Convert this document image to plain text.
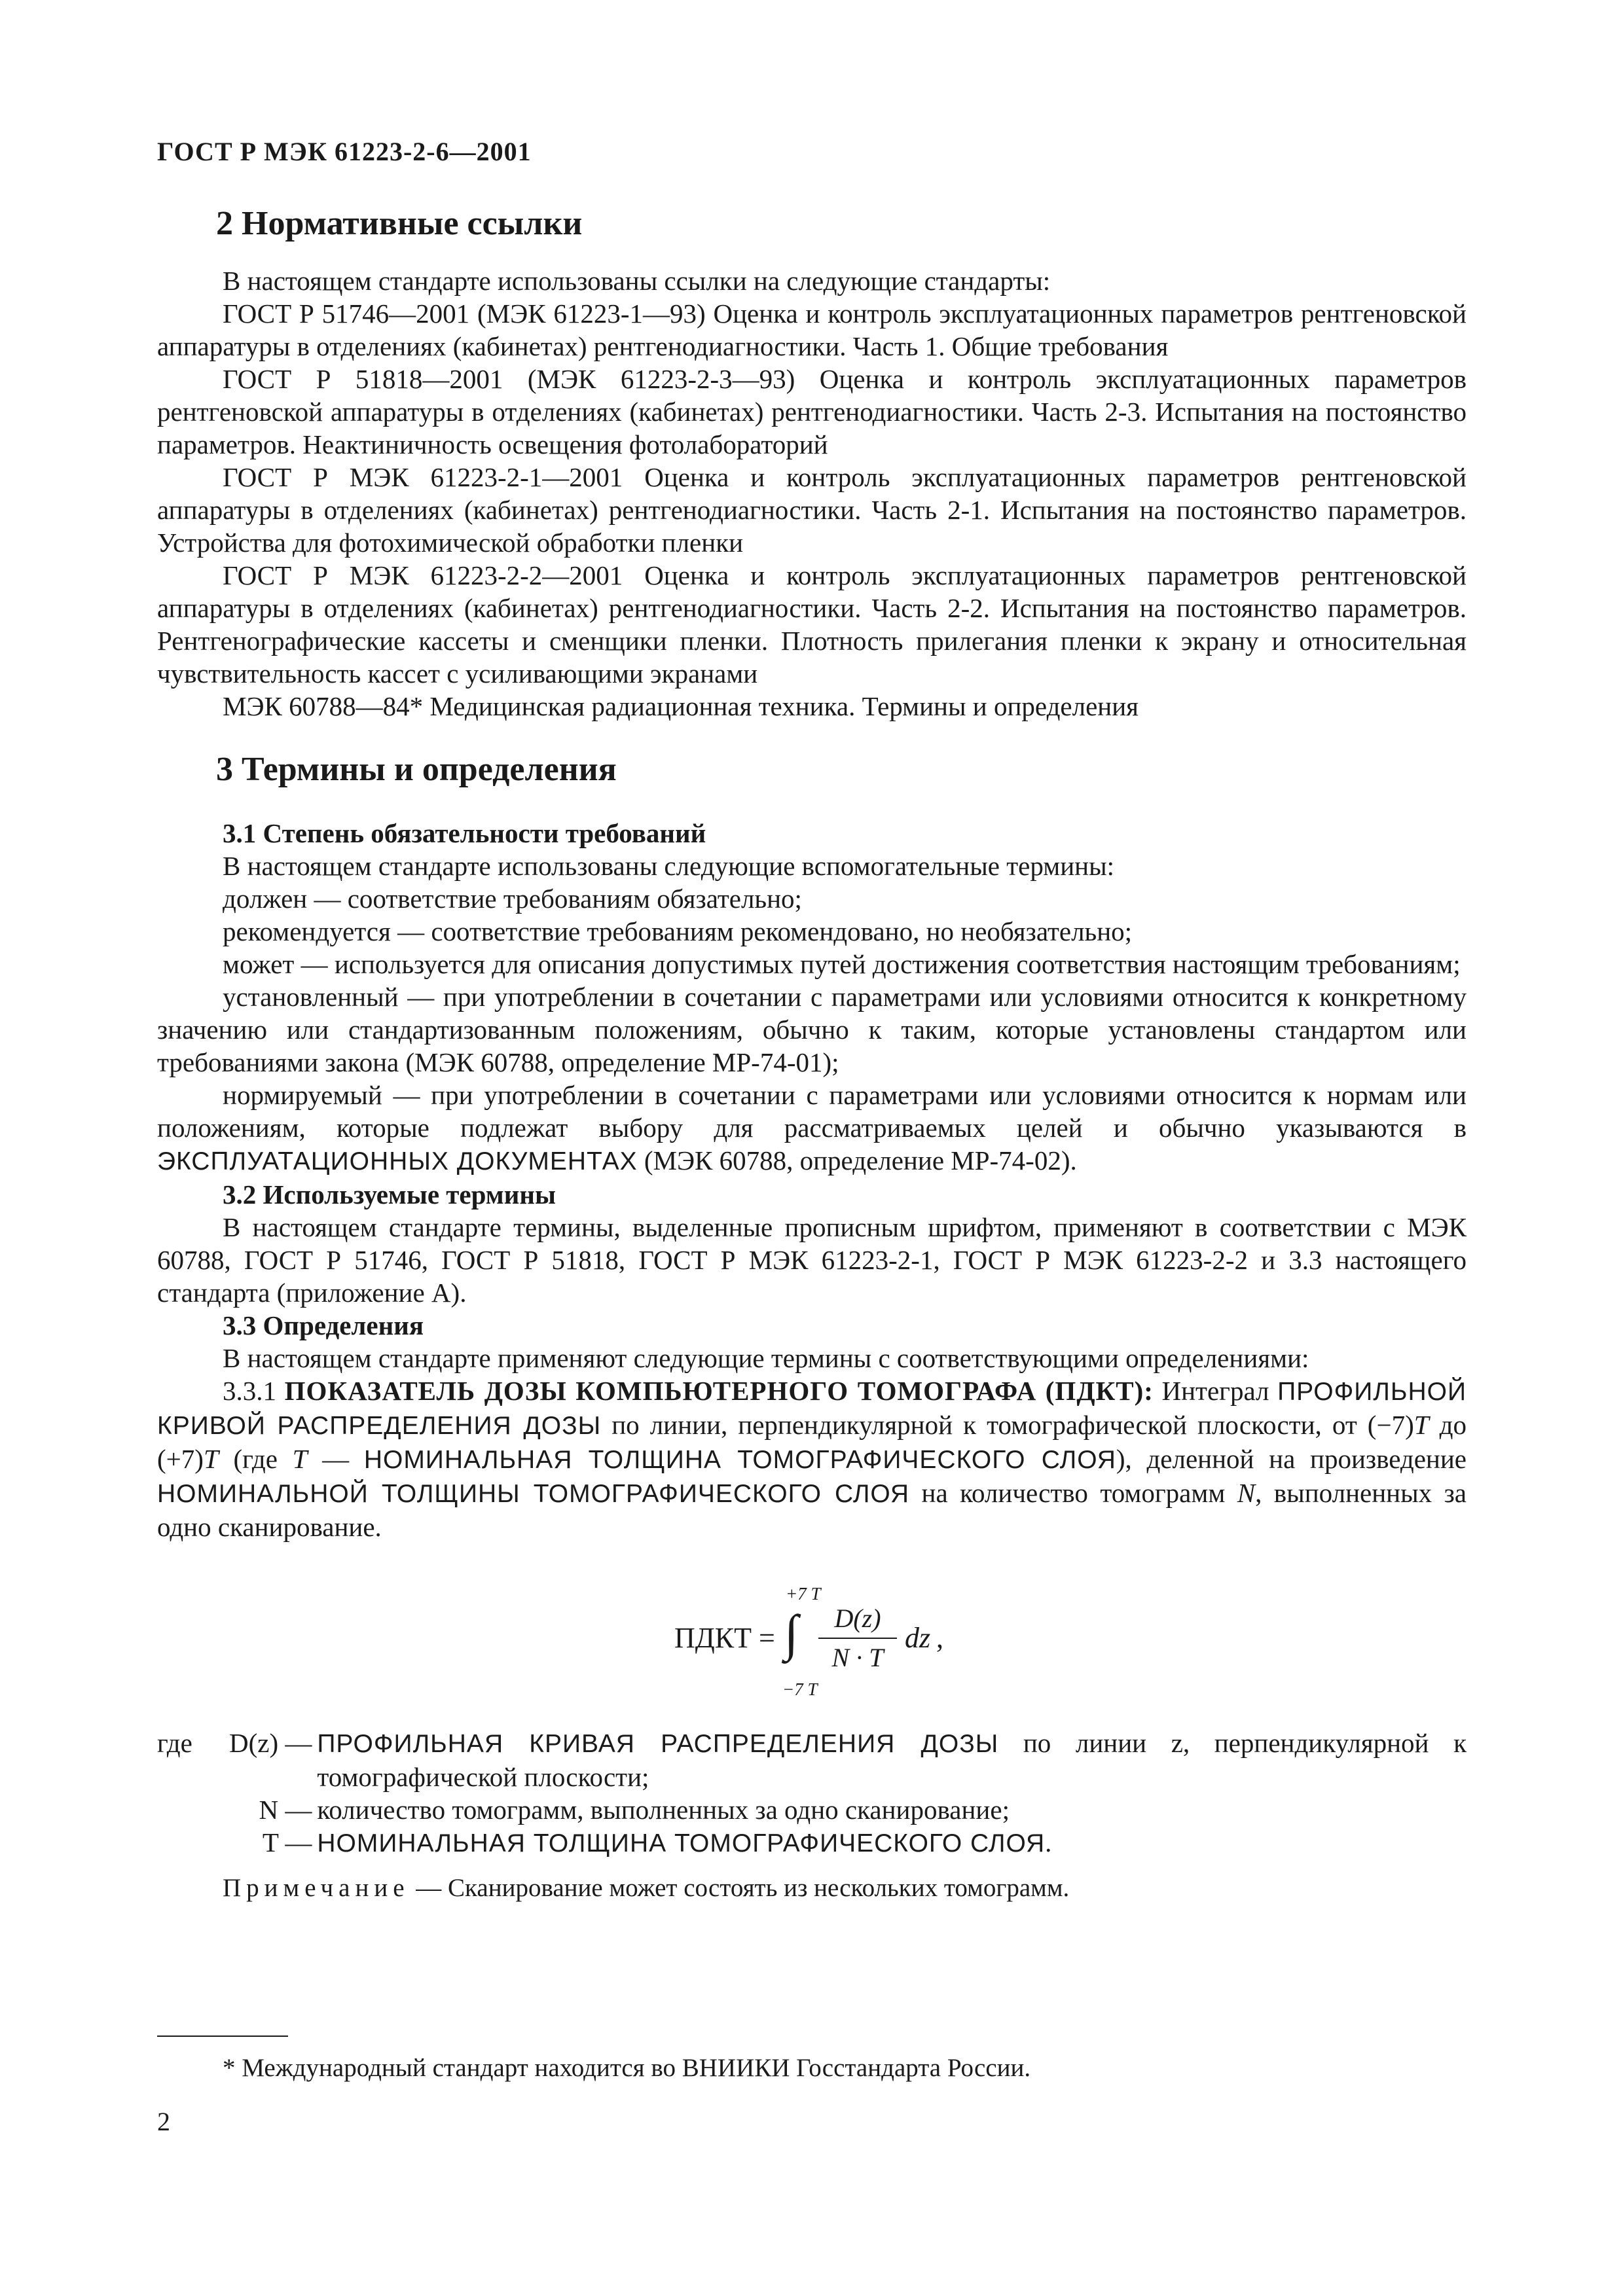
ГОСТ Р МЭК 61223-2-6—2001
2 Нормативные ссылки

В настоящем стандарте использованы ссылки на следующие стандарты:

ГОСТ Р 51746—2001 (МЭК 61223-1—93) Оценка и контроль эксплуатационных параметров рентгеновской аппаратуры в отделениях (кабинетах) рентгенодиагностики. Часть 1. Общие требования

ГОСТ Р 51818—2001 (МЭК 61223-2-3—93) Оценка и контроль эксплуатационных параметров рентгеновской аппаратуры в отделениях (кабинетах) рентгенодиагностики. Часть 2-3. Испытания на постоянство параметров. Неактиничность освещения фотолабораторий

ГОСТ Р МЭК 61223-2-1—2001 Оценка и контроль эксплуатационных параметров рентгеновской аппаратуры в отделениях (кабинетах) рентгенодиагностики. Часть 2-1. Испытания на постоянство параметров. Устройства для фотохимической обработки пленки

ГОСТ Р МЭК 61223-2-2—2001 Оценка и контроль эксплуатационных параметров рентгеновской аппаратуры в отделениях (кабинетах) рентгенодиагностики. Часть 2-2. Испытания на постоянство параметров. Рентгенографические кассеты и сменщики пленки. Плотность прилегания пленки к экрану и относительная чувствительность кассет с усиливающими экранами

МЭК 60788—84* Медицинская радиационная техника. Термины и определения

3 Термины и определения
3.1 Степень обязательности требований

В настоящем стандарте использованы следующие вспомогательные термины:

должен — соответствие требованиям обязательно;

рекомендуется — соответствие требованиям рекомендовано, но необязательно;

может — используется для описания допустимых путей достижения соответствия настоящим требованиям;

установленный — при употреблении в сочетании с параметрами или условиями относится к конкретному значению или стандартизованным положениям, обычно к таким, которые установлены стандартом или требованиями закона (МЭК 60788, определение МР-74-01);

нормируемый — при употреблении в сочетании с параметрами или условиями относится к нормам или положениям, которые подлежат выбору для рассматриваемых целей и обычно указываются в ЭКСПЛУАТАЦИОННЫХ ДОКУМЕНТАХ (МЭК 60788, определение МР-74-02).

3.2 Используемые термины

В настоящем стандарте термины, выделенные прописным шрифтом, применяют в соответствии с МЭК 60788, ГОСТ Р 51746, ГОСТ Р 51818, ГОСТ Р МЭК 61223-2-1, ГОСТ Р МЭК 61223-2-2 и 3.3 настоящего стандарта (приложение А).

3.3 Определения

В настоящем стандарте применяют следующие термины с соответствующими определениями:

3.3.1 ПОКАЗАТЕЛЬ ДОЗЫ КОМПЬЮТЕРНОГО ТОМОГРАФА (ПДКТ): Интеграл ПРОФИЛЬНОЙ КРИВОЙ РАСПРЕДЕЛЕНИЯ ДОЗЫ по линии, перпендикулярной к томографической плоскости, от (−7)T до (+7)T (где T — НОМИНАЛЬНАЯ ТОЛЩИНА ТОМОГРАФИЧЕСКОГО СЛОЯ), деленной на произведение НОМИНАЛЬНОЙ ТОЛЩИНЫ ТОМОГРАФИЧЕСКОГО СЛОЯ на количество томограмм N, выполненных за одно сканирование.

ПДКТ =
+7 T
∫
−7 T
D(z)
N · T
dz ,
где	D(z) — ПРОФИЛЬНАЯ КРИВАЯ РАСПРЕДЕЛЕНИЯ ДОЗЫ по линии z, перпендикулярной к томографической плоскости;
N — количество томограмм, выполненных за одно сканирование;
T — НОМИНАЛЬНАЯ ТОЛЩИНА ТОМОГРАФИЧЕСКОГО СЛОЯ.
Примечание — Сканирование может состоять из нескольких томограмм.
* Международный стандарт находится во ВНИИКИ Госстандарта России.
2
